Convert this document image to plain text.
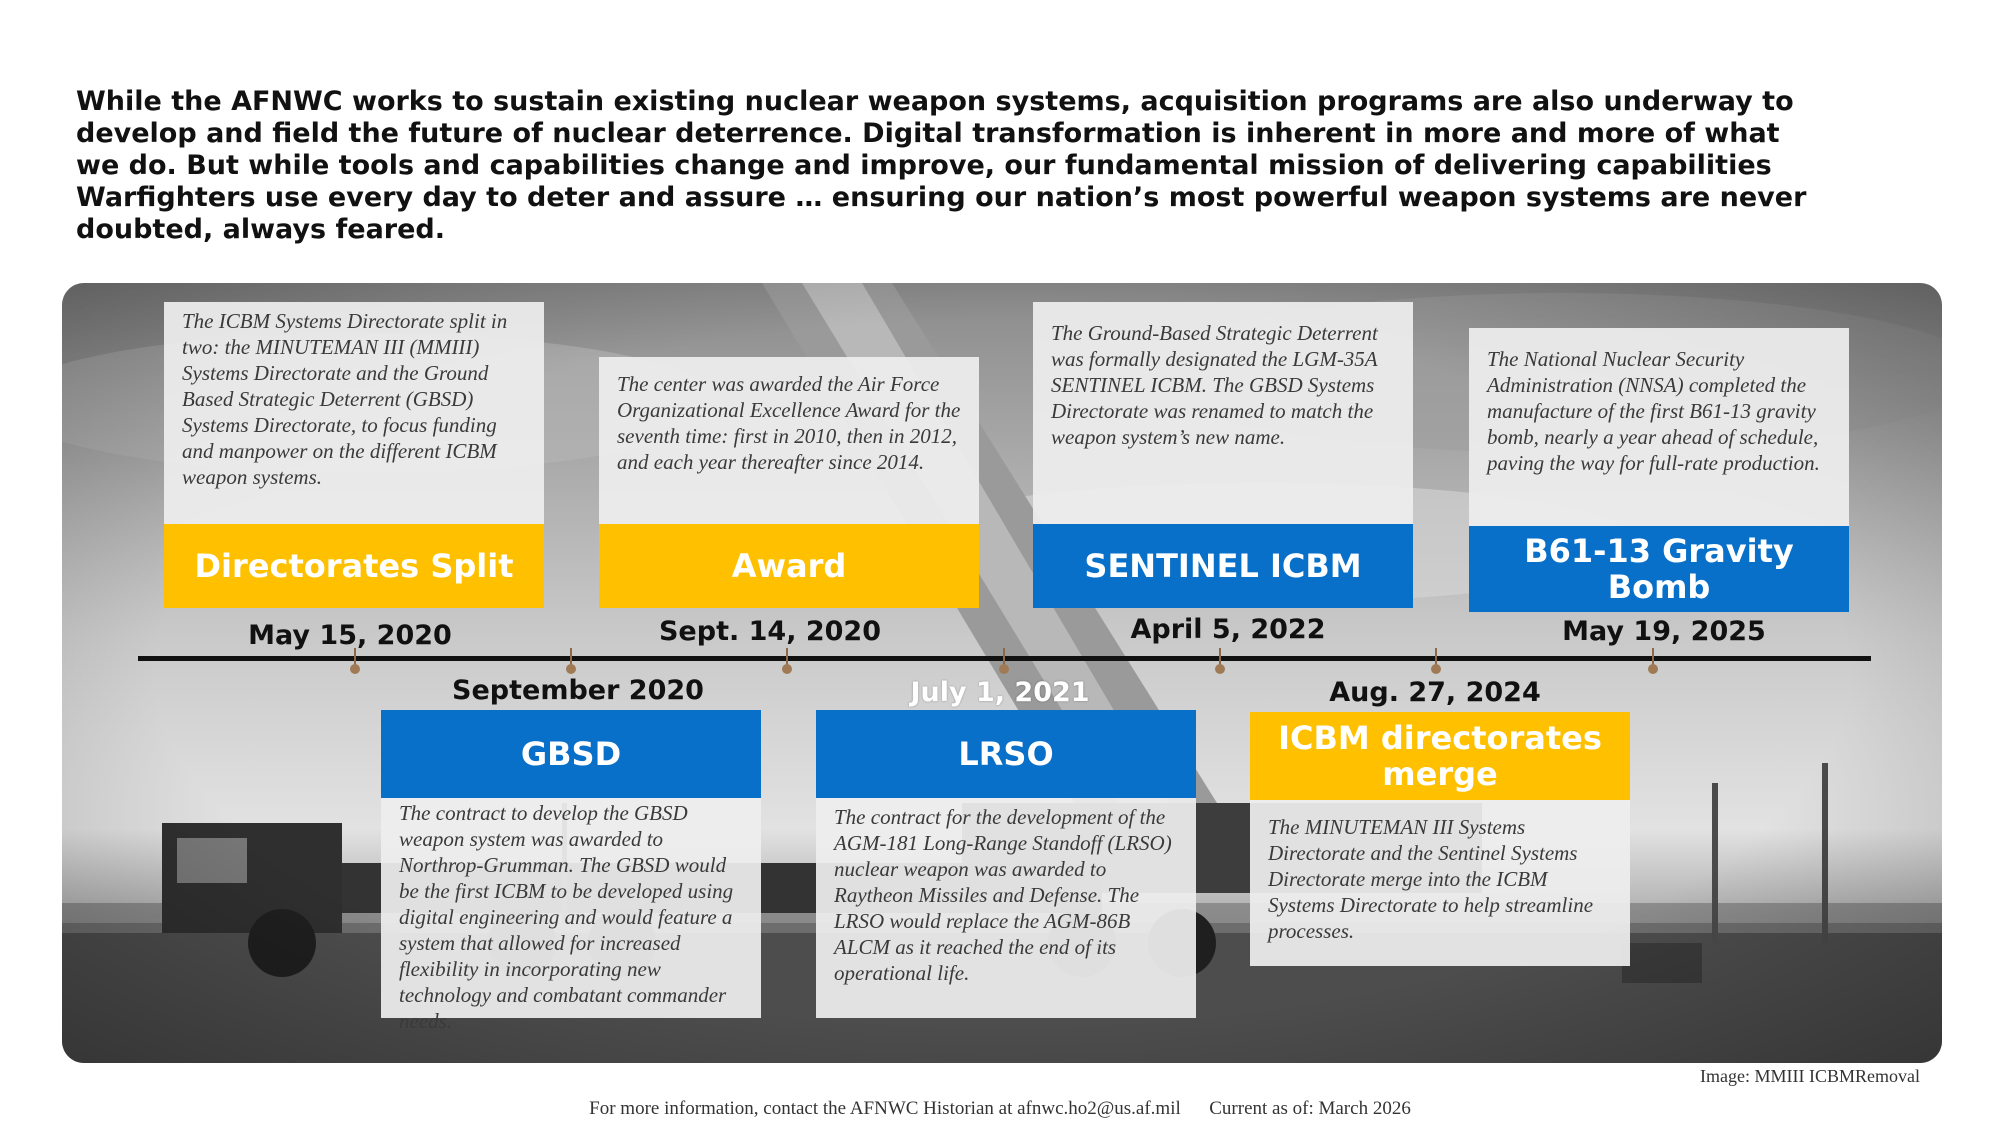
While the AFNWC works to sustain existing nuclear weapon systems, acquisition programs are also underway to develop and field the future of nuclear deterrence. Digital transformation is inherent in more and more of what we do. But while tools and capabilities change and improve, our fundamental mission of delivering capabilities Warfighters use every day to deter and assure … ensuring our nation’s most powerful weapon systems are never doubted, always feared.

The ICBM Systems Directorate split in two: the MINUTEMAN III (MMIII) Systems Directorate and the Ground Based Strategic Deterrent (GBSD) Systems Directorate, to focus funding and manpower on the different ICBM weapon systems.
Directorates Split
May 15, 2020
September 2020
GBSD
The contract to develop the GBSD weapon system was awarded to Northrop-Grumman. The GBSD would be the first ICBM to be developed using digital engineering and would feature a system that allowed for increased flexibility in incorporating new technology and combatant commander needs.
The center was awarded the Air Force Organizational Excellence Award for the seventh time: first in 2010, then in 2012, and each year thereafter since 2014.
Award
Sept. 14, 2020
July 1, 2021
LRSO
The contract for the development of the AGM-181 Long-Range Standoff (LRSO) nuclear weapon was awarded to Raytheon Missiles and Defense. The LRSO would replace the AGM-86B ALCM as it reached the end of its operational life.
The Ground-Based Strategic Deterrent was formally designated the LGM-35A SENTINEL ICBM. The GBSD Systems Directorate was renamed to match the weapon system’s new name.
SENTINEL ICBM
April 5, 2022
Aug. 27, 2024
ICBM directorates merge
The MINUTEMAN III Systems Directorate and the Sentinel Systems Directorate merge into the ICBM Systems Directorate to help streamline processes.
The National Nuclear Security Administration (NNSA) completed the manufacture of the first B61-13 gravity bomb, nearly a year ahead of schedule, paving the way for full-rate production.
B61-13 Gravity Bomb
May 19, 2025
Image: MMIII ICBMRemoval
For more information, contact the AFNWC Historian at afnwc.ho2@us.af.mil      Current as of: March 2026
